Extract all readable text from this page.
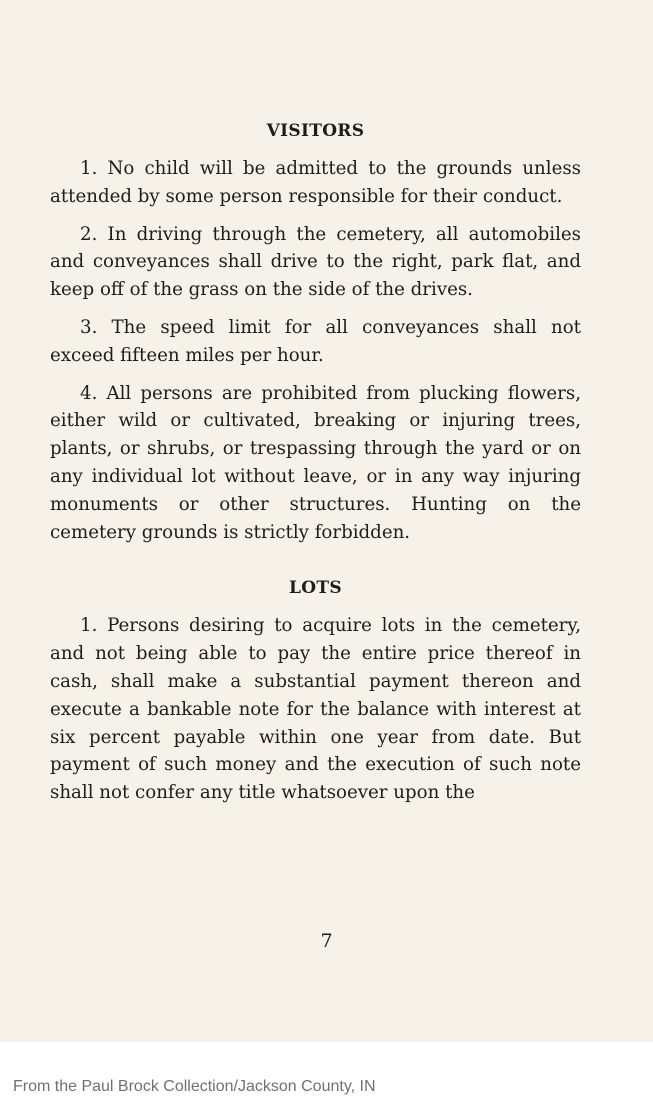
VISITORS

1. No child will be admitted to the grounds unless attended by some person responsible for their conduct.

2. In driving through the cemetery, all automobiles and conveyances shall drive to the right, park flat, and keep off of the grass on the side of the drives.

3. The speed limit for all conveyances shall not exceed fifteen miles per hour.

4. All persons are prohibited from plucking flowers, either wild or cultivated, breaking or injuring trees, plants, or shrubs, or trespassing through the yard or on any individual lot without leave, or in any way injuring monuments or other structures. Hunting on the cemetery grounds is strictly forbidden.

LOTS

1. Persons desiring to acquire lots in the cemetery, and not being able to pay the entire price thereof in cash, shall make a substantial payment thereon and execute a bankable note for the balance with interest at six percent payable within one year from date. But payment of such money and the execution of such note shall not confer any title whatsoever upon the

7
From the Paul Brock Collection/Jackson County, IN
